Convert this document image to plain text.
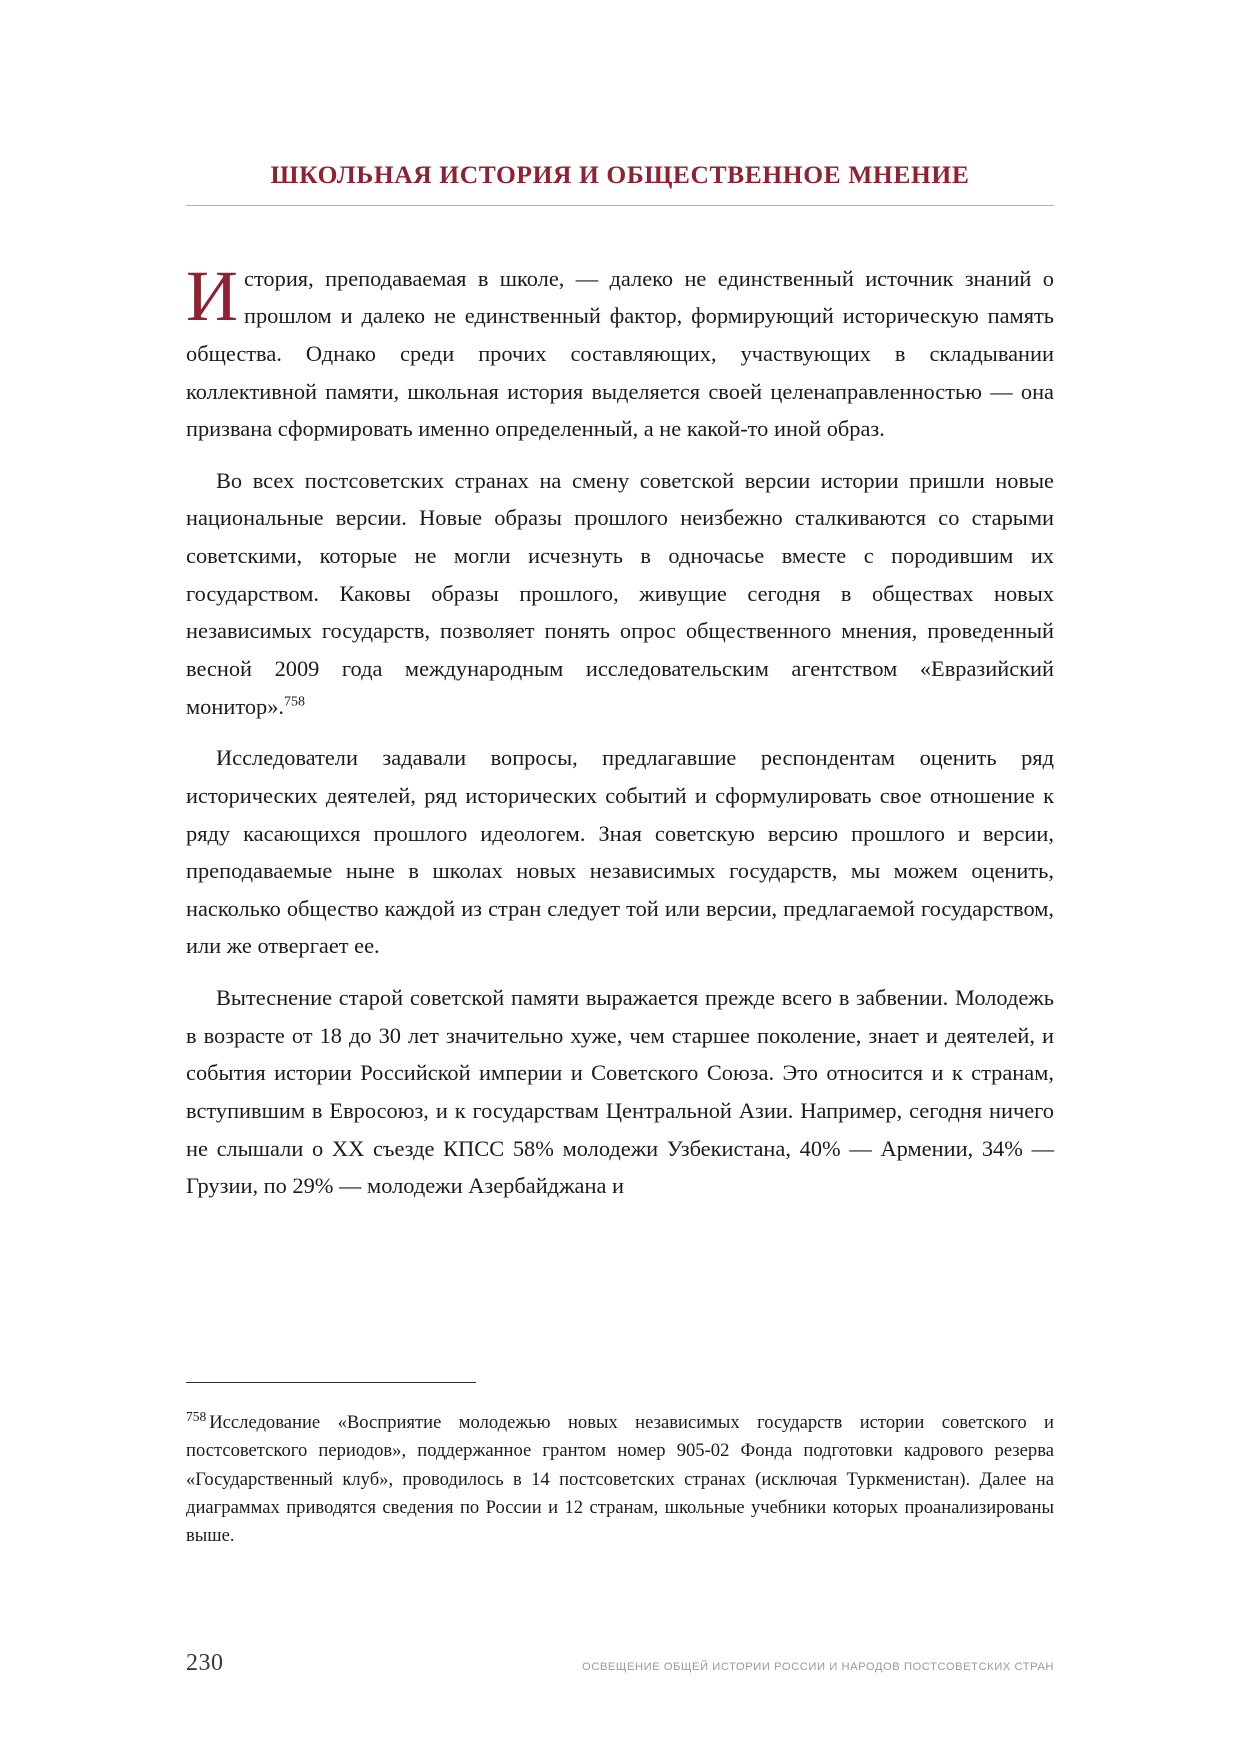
ШКОЛЬНАЯ ИСТОРИЯ И ОБЩЕСТВЕННОЕ МНЕНИЕ

История, преподаваемая в школе, — далеко не единственный источник знаний о прошлом и далеко не единственный фактор, формирующий историческую память общества. Однако среди прочих составляющих, участвующих в складывании коллективной памяти, школьная история выделяется своей целенаправленностью — она призвана сформировать именно определенный, а не какой-то иной образ.

Во всех постсоветских странах на смену советской версии истории пришли новые национальные версии. Новые образы прошлого неизбежно сталкиваются со старыми советскими, которые не могли исчезнуть в одночасье вместе с породившим их государством. Каковы образы прошлого, живущие сегодня в обществах новых независимых государств, позволяет понять опрос общественного мнения, проведенный весной 2009 года международным исследовательским агентством «Евразийский монитор».$^{758}$

Исследователи задавали вопросы, предлагавшие респондентам оценить ряд исторических деятелей, ряд исторических событий и сформулировать свое отношение к ряду касающихся прошлого идеологем. Зная советскую версию прошлого и версии, преподаваемые ныне в школах новых независимых государств, мы можем оценить, насколько общество каждой из стран следует той или версии, предлагаемой государством, или же отвергает ее.

Вытеснение старой советской памяти выражается прежде всего в забвении. Молодежь в возрасте от 18 до 30 лет значительно хуже, чем старшее поколение, знает и деятелей, и события истории Российской империи и Советского Союза. Это относится и к странам, вступившим в Евросоюз, и к государствам Центральной Азии. Например, сегодня ничего не слышали о XX съезде КПСС 58% молодежи Узбекистана, 40% — Армении, 34% — Грузии, по 29% — молодежи Азербайджана и

$^{758}$ Исследование «Восприятие молодежью новых независимых государств истории советского и постсоветского периодов», поддержанное грантом номер 905-02 Фонда подготовки кадрового резерва «Государственный клуб», проводилось в 14 постсоветских странах (исключая Туркменистан). Далее на диаграммах приводятся сведения по России и 12 странам, школьные учебники которых проанализированы выше.

230	ОСВЕЩЕНИЕ ОБЩЕЙ ИСТОРИИ РОССИИ И НАРОДОВ ПОСТСОВЕТСКИХ СТРАН
